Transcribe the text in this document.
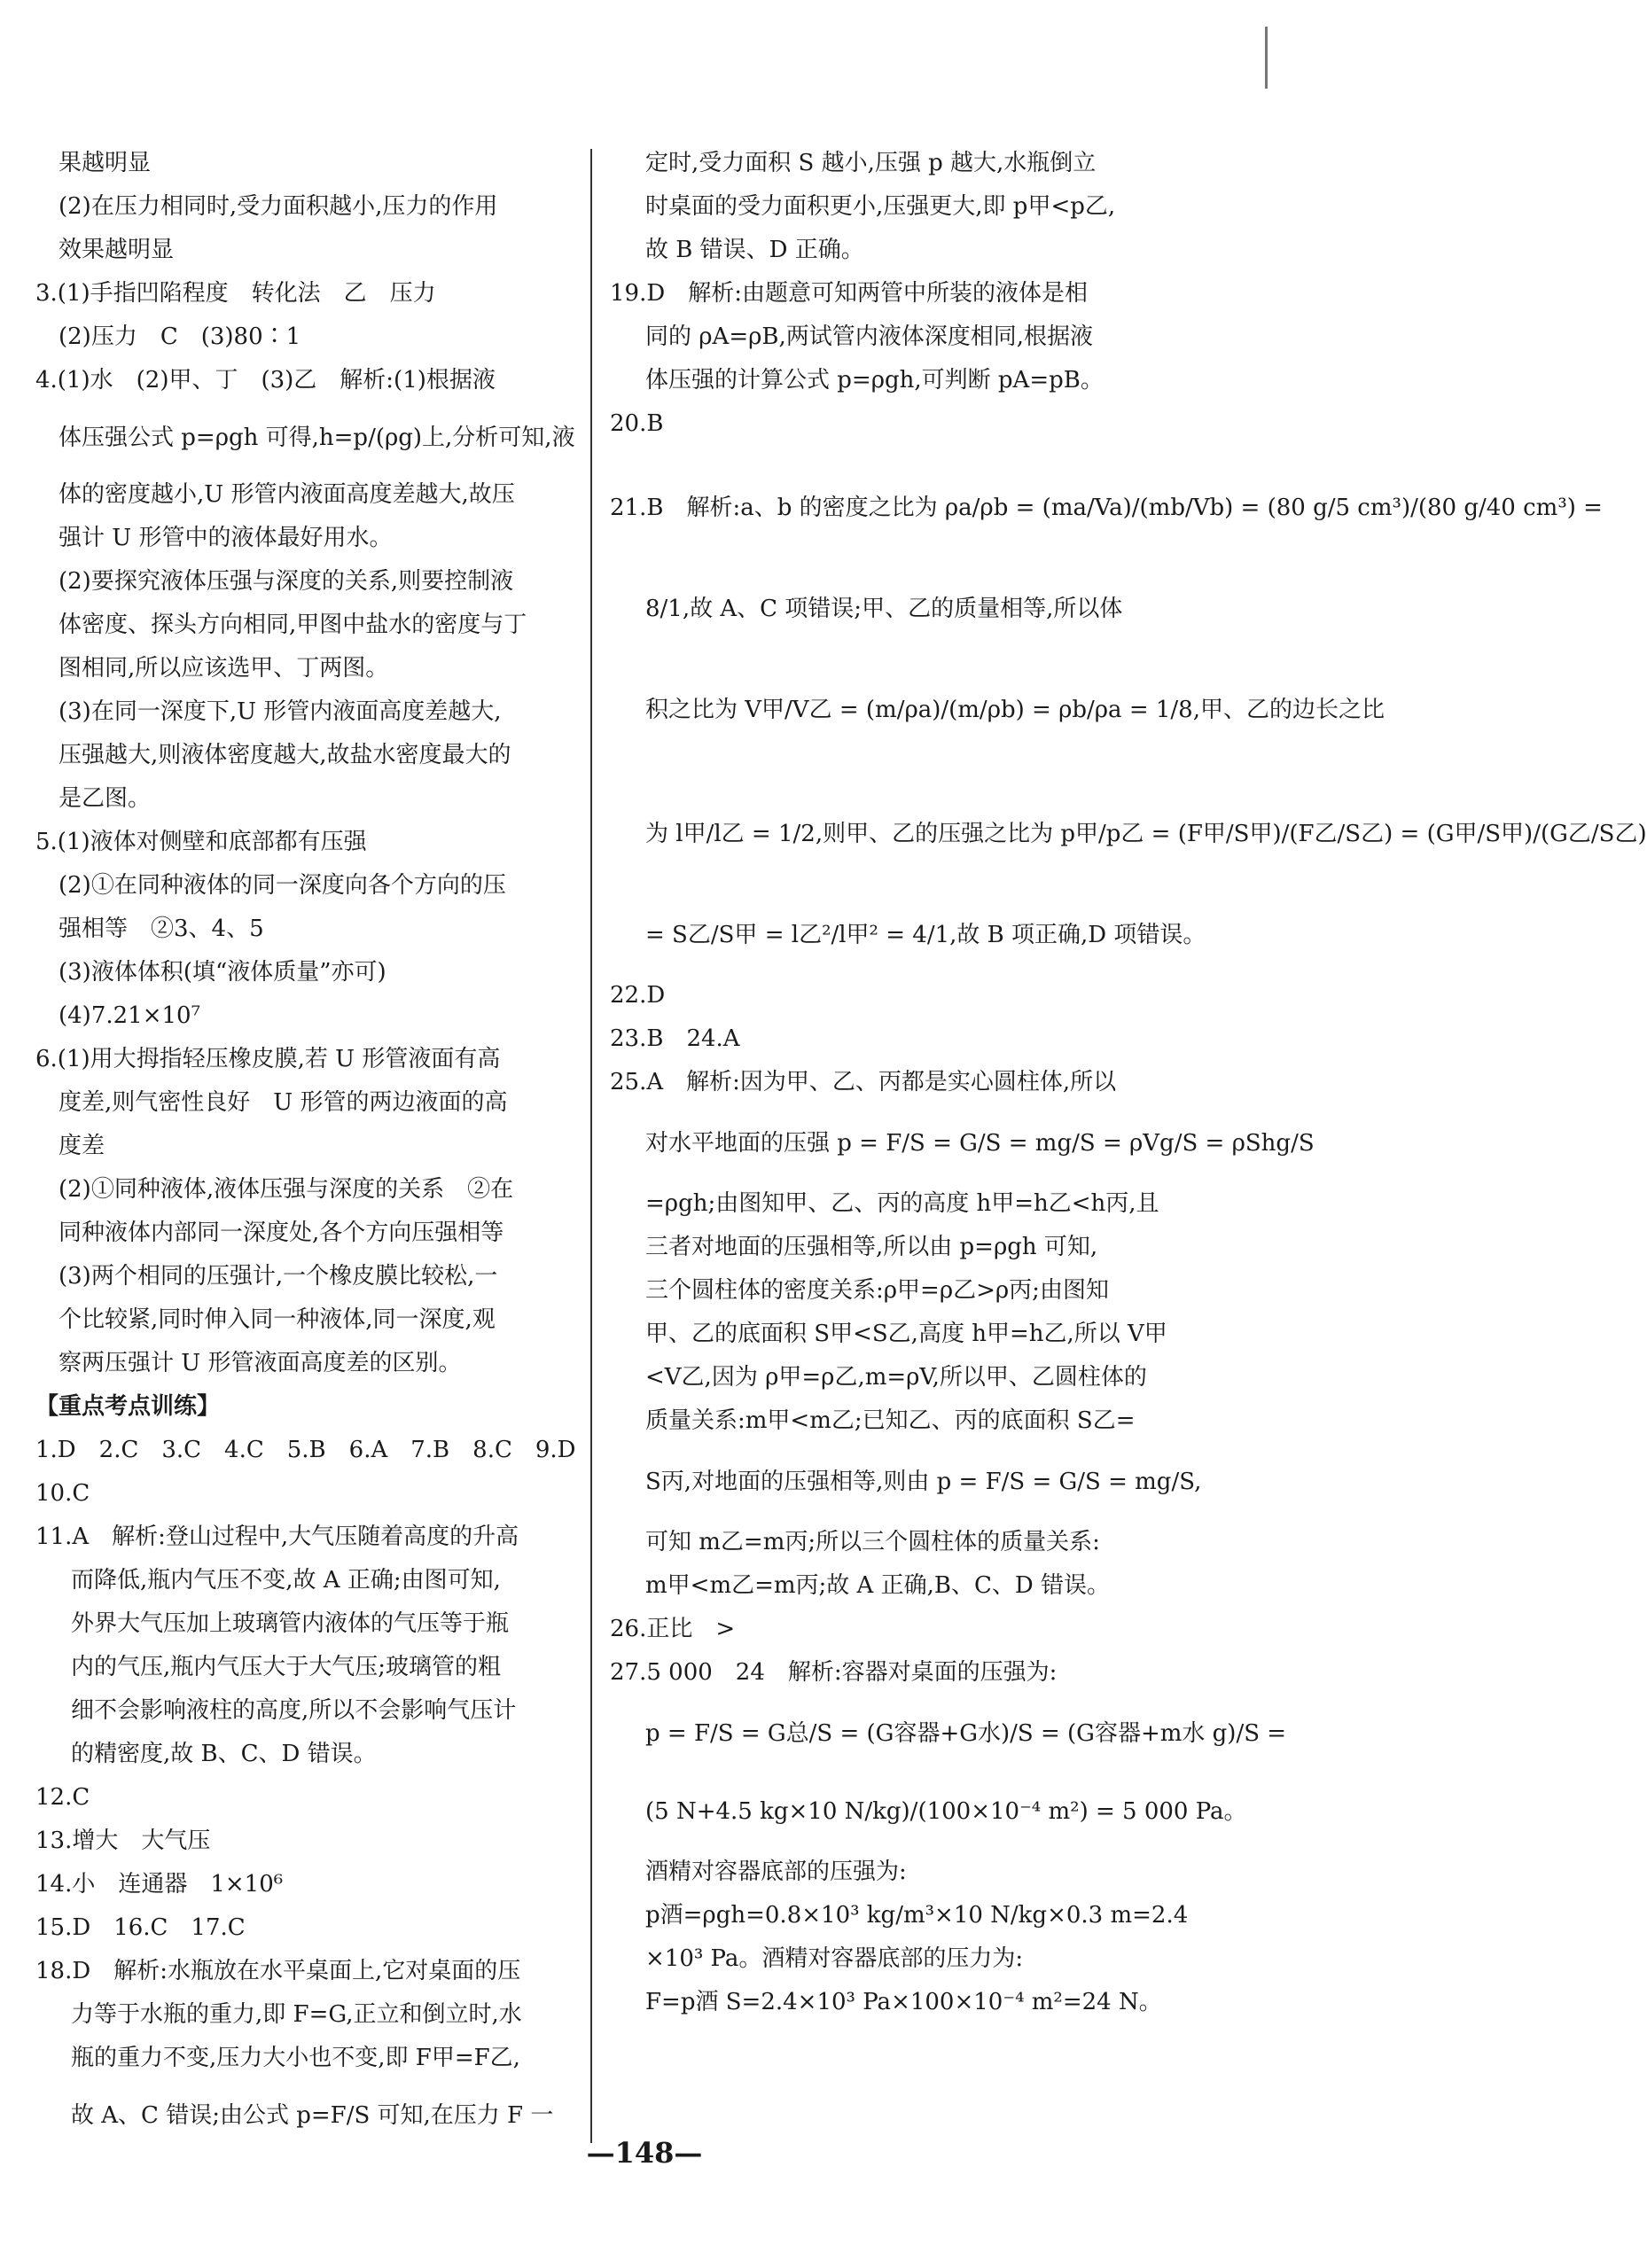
果越明显
(2)在压力相同时,受力面积越小,压力的作用
效果越明显
3.(1)手指凹陷程度　转化法　乙　压力
(2)压力　C　(3)80∶1
4.(1)水　(2)甲、丁　(3)乙　解析:(1)根据液
体压强公式 p=ρgh 可得,h=p/(ρg)上,分析可知,液
体的密度越小,U 形管内液面高度差越大,故压
强计 U 形管中的液体最好用水。
(2)要探究液体压强与深度的关系,则要控制液
体密度、探头方向相同,甲图中盐水的密度与丁
图相同,所以应该选甲、丁两图。
(3)在同一深度下,U 形管内液面高度差越大,
压强越大,则液体密度越大,故盐水密度最大的
是乙图。
5.(1)液体对侧壁和底部都有压强
(2)①在同种液体的同一深度向各个方向的压
强相等　②3、4、5
(3)液体体积(填“液体质量”亦可)
(4)7.21×10⁷
6.(1)用大拇指轻压橡皮膜,若 U 形管液面有高
度差,则气密性良好　U 形管的两边液面的高
度差
(2)①同种液体,液体压强与深度的关系　②在
同种液体内部同一深度处,各个方向压强相等
(3)两个相同的压强计,一个橡皮膜比较松,一
个比较紧,同时伸入同一种液体,同一深度,观
察两压强计 U 形管液面高度差的区别。
【重点考点训练】
1.D　2.C　3.C　4.C　5.B　6.A　7.B　8.C　9.D
10.C
11.A　解析:登山过程中,大气压随着高度的升高
而降低,瓶内气压不变,故 A 正确;由图可知,
外界大气压加上玻璃管内液体的气压等于瓶
内的气压,瓶内气压大于大气压;玻璃管的粗
细不会影响液柱的高度,所以不会影响气压计
的精密度,故 B、C、D 错误。
12.C
13.增大　大气压
14.小　连通器　1×10⁶
15.D　16.C　17.C
18.D　解析:水瓶放在水平桌面上,它对桌面的压
力等于水瓶的重力,即 F=G,正立和倒立时,水
瓶的重力不变,压力大小也不变,即 F甲=F乙,
故 A、C 错误;由公式 p=F/S 可知,在压力 F 一
定时,受力面积 S 越小,压强 p 越大,水瓶倒立
时桌面的受力面积更小,压强更大,即 p甲<p乙,
故 B 错误、D 正确。
19.D　解析:由题意可知两管中所装的液体是相
同的 ρA=ρB,两试管内液体深度相同,根据液
体压强的计算公式 p=ρgh,可判断 pA=pB。
20.B
21.B　解析:a、b 的密度之比为 ρa/ρb = (ma/Va)/(mb/Vb) = (80 g/5 cm³)/(80 g/40 cm³) =
8/1,故 A、C 项错误;甲、乙的质量相等,所以体
积之比为 V甲/V乙 = (m/ρa)/(m/ρb) = ρb/ρa = 1/8,甲、乙的边长之比
为 l甲/l乙 = 1/2,则甲、乙的压强之比为 p甲/p乙 = (F甲/S甲)/(F乙/S乙) = (G甲/S甲)/(G乙/S乙)
= S乙/S甲 = l乙²/l甲² = 4/1,故 B 项正确,D 项错误。
22.D
23.B　24.A
25.A　解析:因为甲、乙、丙都是实心圆柱体,所以
对水平地面的压强 p = F/S = G/S = mg/S = ρVg/S = ρShg/S
=ρgh;由图知甲、乙、丙的高度 h甲=h乙<h丙,且
三者对地面的压强相等,所以由 p=ρgh 可知,
三个圆柱体的密度关系:ρ甲=ρ乙>ρ丙;由图知
甲、乙的底面积 S甲<S乙,高度 h甲=h乙,所以 V甲
<V乙,因为 ρ甲=ρ乙,m=ρV,所以甲、乙圆柱体的
质量关系:m甲<m乙;已知乙、丙的底面积 S乙=
S丙,对地面的压强相等,则由 p = F/S = G/S = mg/S,
可知 m乙=m丙;所以三个圆柱体的质量关系:
m甲<m乙=m丙;故 A 正确,B、C、D 错误。
26.正比　>
27.5 000　24　解析:容器对桌面的压强为:
p = F/S = G总/S = (G容器+G水)/S = (G容器+m水 g)/S =
(5 N+4.5 kg×10 N/kg)/(100×10⁻⁴ m²) = 5 000 Pa。
酒精对容器底部的压强为:
p酒=ρgh=0.8×10³ kg/m³×10 N/kg×0.3 m=2.4
×10³ Pa。酒精对容器底部的压力为:
F=p酒 S=2.4×10³ Pa×100×10⁻⁴ m²=24 N。
—148—
